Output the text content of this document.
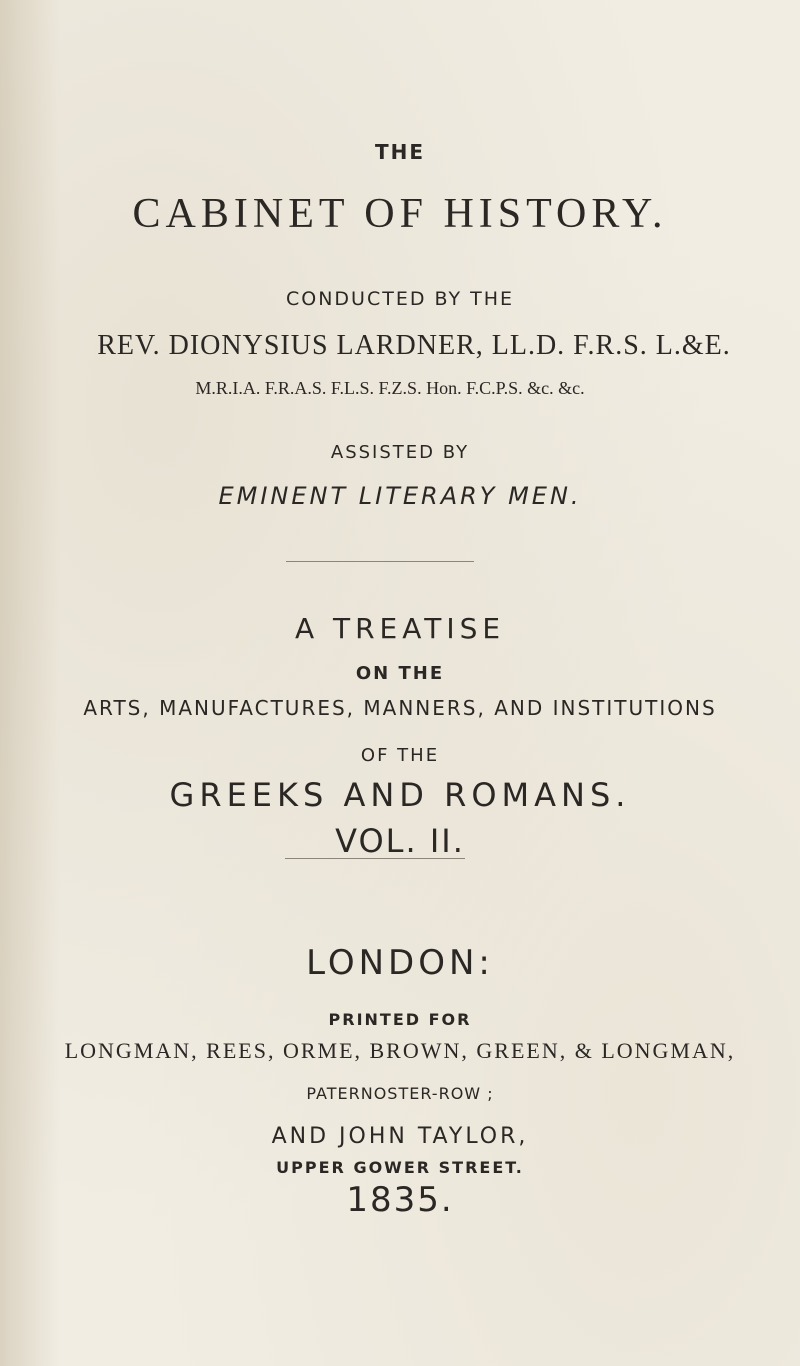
THE
CABINET OF HISTORY.
CONDUCTED BY THE
REV. DIONYSIUS LARDNER, LL.D. F.R.S. L.&E.
M.R.I.A. F.R.A.S. F.L.S. F.Z.S. Hon. F.C.P.S. &c. &c.
ASSISTED BY
EMINENT LITERARY MEN.
A TREATISE
ON THE
ARTS, MANUFACTURES, MANNERS, AND INSTITUTIONS
OF THE
GREEKS AND ROMANS.
VOL. II.
LONDON:
PRINTED FOR
LONGMAN, REES, ORME, BROWN, GREEN, & LONGMAN,
PATERNOSTER-ROW ;
AND JOHN TAYLOR,
UPPER GOWER STREET.
1835.
